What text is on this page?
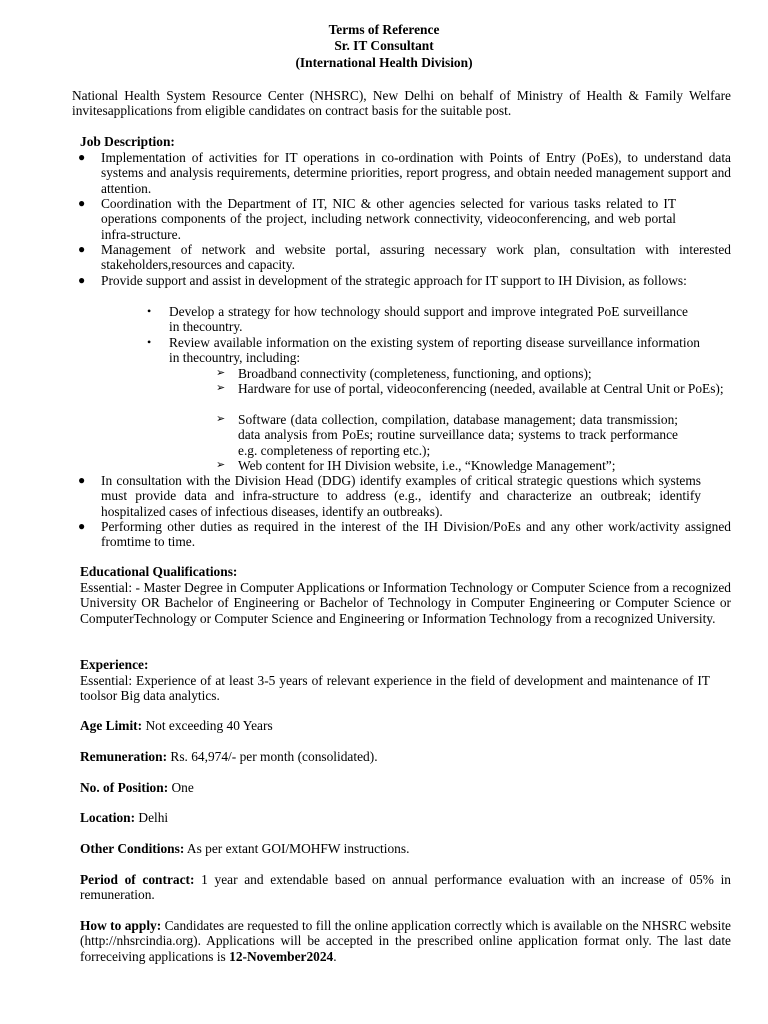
Terms of Reference
Sr. IT Consultant
(International Health Division)
National Health System Resource Center (NHSRC), New Delhi on behalf of Ministry of Health & Family Welfare invitesapplications from eligible candidates on contract basis for the suitable post.
Job Description:
● Implementation of activities for IT operations in co-ordination with Points of Entry (PoEs), to understand data systems and analysis requirements, determine priorities, report progress, and obtain needed management support and attention.

● Coordination with the Department of IT, NIC & other agencies selected for various tasks related to IT operations components of the project, including network connectivity, videoconferencing, and web portal infra-structure.

● Management of network and website portal, assuring necessary work plan, consultation with interested stakeholders,resources and capacity.

● Provide support and assist in development of the strategic approach for IT support to IH Division, as follows:

• Develop a strategy for how technology should support and improve integrated PoE surveillance in thecountry.

• Review available information on the existing system of reporting disease surveillance information in thecountry, including:

➢ Broadband connectivity (completeness, functioning, and options);

➢ Hardware for use of portal, videoconferencing (needed, available at Central Unit or PoEs);

➢ Software (data collection, compilation, database management; data transmission; data analysis from PoEs; routine surveillance data; systems to track performance e.g. completeness of reporting etc.);

➢ Web content for IH Division website, i.e., “Knowledge Management”;

● In consultation with the Division Head (DDG) identify examples of critical strategic questions which systems must provide data and infra-structure to address (e.g., identify and characterize an outbreak; identify hospitalized cases of infectious diseases, identify an outbreaks).

● Performing other duties as required in the interest of the IH Division/PoEs and any other work/activity assigned fromtime to time.

Educational Qualifications:
Essential: - Master Degree in Computer Applications or Information Technology or Computer Science from a recognized University OR Bachelor of Engineering or Bachelor of Technology in Computer Engineering or Computer Science or ComputerTechnology or Computer Science and Engineering or Information Technology from a recognized University.
Experience:
Essential: Experience of at least 3-5 years of relevant experience in the field of development and maintenance of IT toolsor Big data analytics.
Age Limit: Not exceeding 40 Years
Remuneration: Rs. 64,974/- per month (consolidated).
No. of Position: One
Location: Delhi
Other Conditions: As per extant GOI/MOHFW instructions.
Period of contract: 1 year and extendable based on annual performance evaluation with an increase of 05% in remuneration.
How to apply: Candidates are requested to fill the online application correctly which is available on the NHSRC website (http://nhsrcindia.org). Applications will be accepted in the prescribed online application format only. The last date forreceiving applications is 12-November2024.
